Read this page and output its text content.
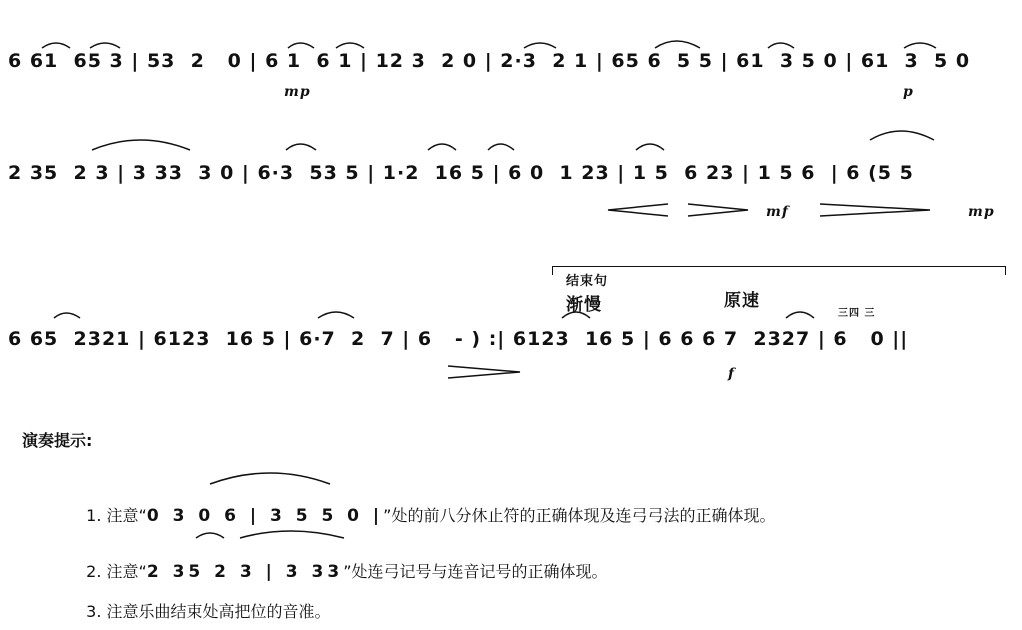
6 61  65 3 | 53  2   0 | 6 1  6 1 | 12 3  2 0 | 2·3  2 1 | 65 6  5 5 | 61  3 5 0 | 61  3  5 0
mp	p
2 35  2 3 | 3 33  3 0 | 6·3  53 5 | 1·2  16 5 | 6 0  1 23 | 1 5  6 23 | 1 5 6  | 6 (5 5
mf	mp
结束句
渐慢	原速
三四 三
6 65  2321 | 6123  16 5 | 6·7  2  7 | 6   - ) :| 6123  16 5 | 6 6 6 7  2327 | 6   0 ||
f
演奏提示:

1. 注意“0 3 0 6 | 3 5 5 0 |”处的前八分休止符的正确体现及连弓弓法的正确体现。

2. 注意“2 35 2 3 | 3 33”处连弓记号与连音记号的正确体现。

3. 注意乐曲结束处高把位的音准。
